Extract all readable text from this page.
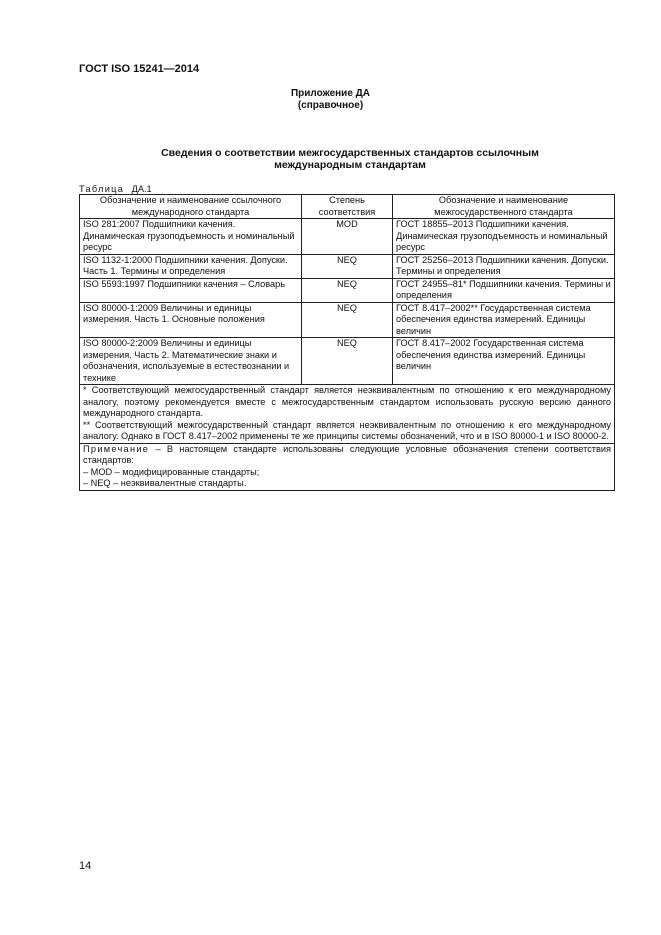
ГОСТ ISO 15241—2014
Приложение ДА
(справочное)
Сведения о соответствии межгосударственных стандартов ссылочным
международным стандартам
Таблица ДА.1
Обозначение и наименование ссылочного международного стандарта	Степень соответствия	Обозначение и наименование межгосударственного стандарта
ISO 281:2007 Подшипники качения. Динамическая грузоподъемность и номинальный ресурс	MOD	ГОСТ 18855–2013 Подшипники качения. Динамическая грузоподъемность и номинальный ресурс
ISO 1132-1:2000 Подшипники качения. Допуски. Часть 1. Термины и определения	NEQ	ГОСТ 25256–2013 Подшипники качения. Допуски. Термины и определения
ISO 5593:1997 Подшипники качения – Словарь	NEQ	ГОСТ 24955–81* Подшипники качения. Термины и определения
ISO 80000-1:2009 Величины и единицы измерения. Часть 1. Основные положения	NEQ	ГОСТ 8.417–2002** Государственная система обеспечения единства измерений. Единицы величин
ISO 80000-2:2009 Величины и единицы измерения. Часть 2. Математические знаки и обозначения, используемые в естествознании и технике	NEQ	ГОСТ 8.417–2002 Государственная система обеспечения единства измерений. Единицы величин

* Соответствующий межгосударственный стандарт является неэквивалентным по отношению к его международному аналогу, поэтому рекомендуется вместе с межгосударственным стандартом использовать русскую версию данного международного стандарта.
** Соответствующий межгосударственный стандарт является неэквивалентным по отношению к его международному аналогу. Однако в ГОСТ 8.417–2002 применены те же принципы системы обозначений, что и в ISO 80000-1 и ISO 80000-2.		

Примечание – В настоящем стандарте использованы следующие условные обозначения степени соответствия стандартов:
– MOD – модифицированные стандарты;
– NEQ – неэквивалентные стандарты.		
14
